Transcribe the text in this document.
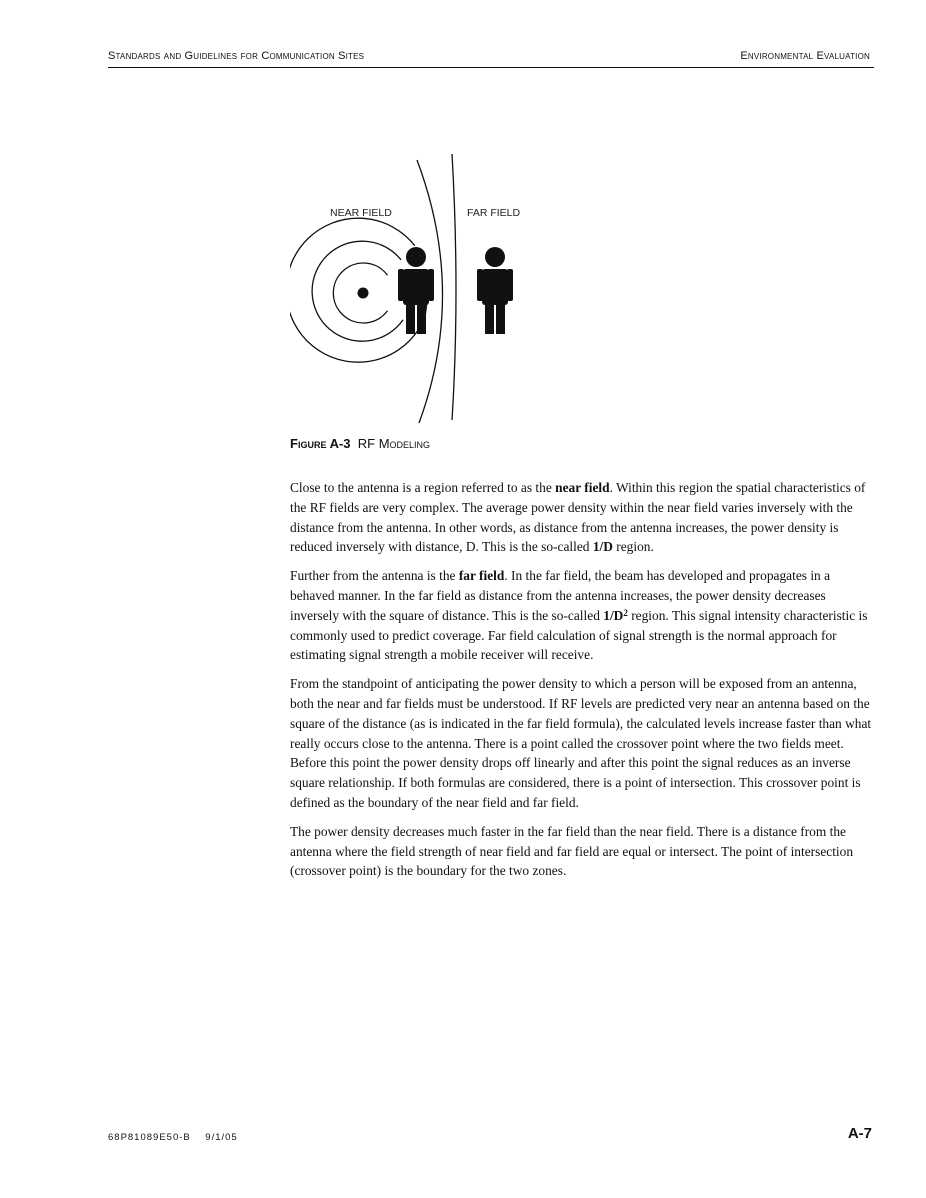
Standards and Guidelines for Communication Sites	Environmental Evaluation
NEAR FIELD	FAR FIELD
Figure A-3 RF Modeling

Close to the antenna is a region referred to as the near field. Within this region the spatial characteristics of the RF fields are very complex. The average power density within the near field varies inversely with the distance from the antenna. In other words, as distance from the antenna increases, the power density is reduced inversely with distance, D. This is the so-called 1/D region.

Further from the antenna is the far field. In the far field, the beam has developed and propagates in a behaved manner. In the far field as distance from the antenna increases, the power density decreases inversely with the square of distance. This is the so-called $1/D^2$ region. This signal intensity characteristic is commonly used to predict coverage. Far field calculation of signal strength is the normal approach for estimating signal strength a mobile receiver will receive.

From the standpoint of anticipating the power density to which a person will be exposed from an antenna, both the near and far fields must be understood. If RF levels are predicted very near an antenna based on the square of the distance (as is indicated in the far field formula), the calculated levels increase faster than what really occurs close to the antenna. There is a point called the crossover point where the two fields meet. Before this point the power density drops off linearly and after this point the signal reduces as an inverse square relationship. If both formulas are considered, there is a point of intersection. This crossover point is defined as the boundary of the near field and far field.

The power density decreases much faster in the far field than the near field. There is a distance from the antenna where the field strength of near field and far field are equal or intersect. The point of intersection (crossover point) is the boundary for the two zones.

68P81089E50-B    9/1/05	A-7
